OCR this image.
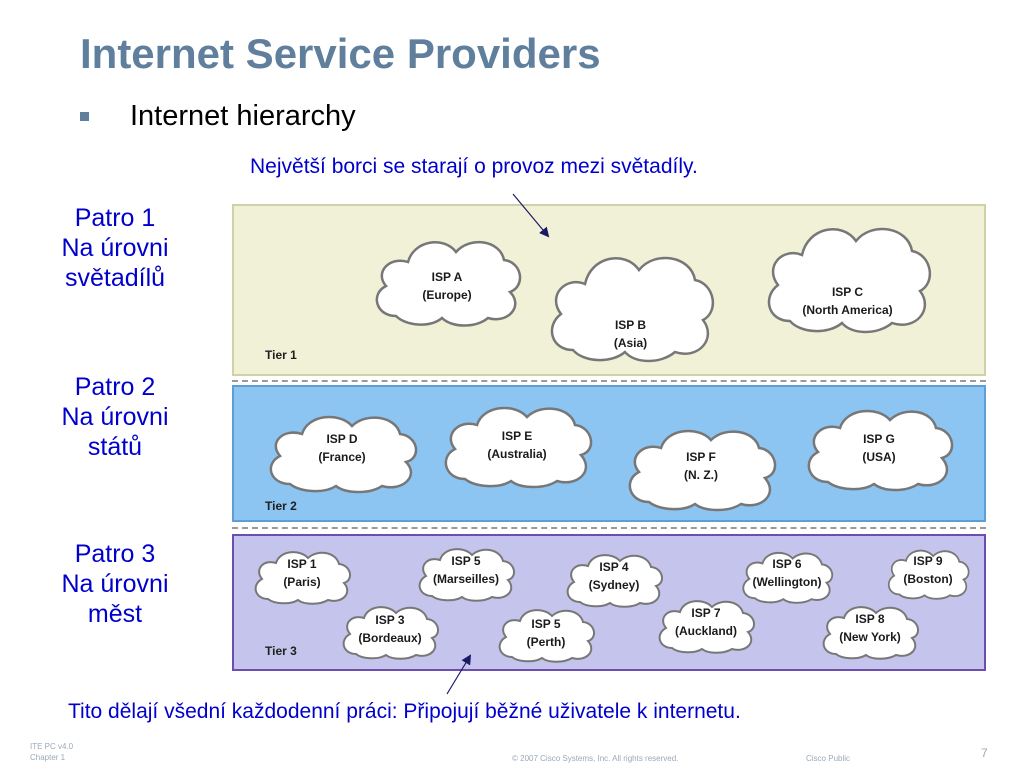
Internet Service Providers
Internet hierarchy
Největší borci se starají o provoz mezi světadíly.
Patro 1
Na úrovni
světadílů
Patro 2
Na úrovni
států
Patro 3
Na úrovni
měst
Tier 1
Tier 2
Tier 3
ISP A
(Europe)
ISP B
(Asia)
ISP C
(North America)
ISP D
(France)
ISP E
(Australia)	ISP F
(N. Z.)
ISP G
(USA)
ISP 1
(Paris)
ISP 5
(Marseilles)
ISP 4
(Sydney)
ISP 6
(Wellington)
ISP 9
(Boston)
ISP 3
(Bordeaux)
ISP 5
(Perth)
ISP 7
(Auckland)
ISP 8
(New York)
Tito dělají všední každodenní práci: Připojují běžné uživatele k internetu.
ITE PC v4.0
Chapter 1	© 2007 Cisco Systems, Inc. All rights reserved.	Cisco Public	7
